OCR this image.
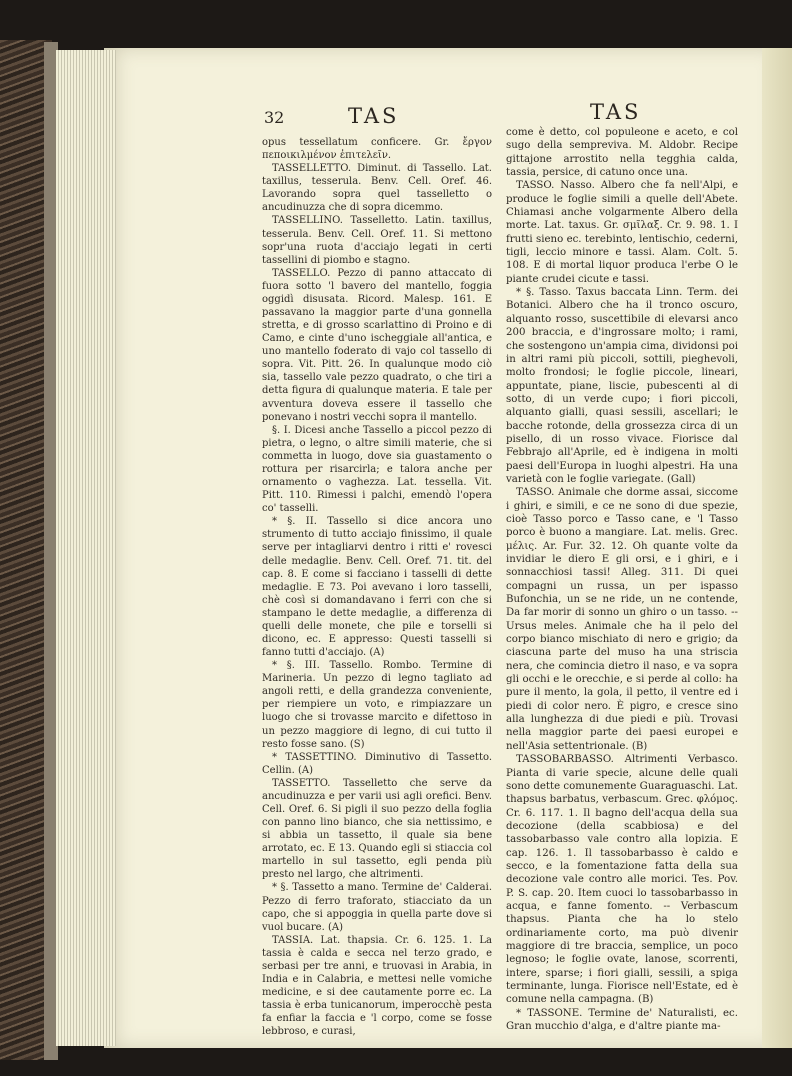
32	TAS	TAS

opus tessellatum conficere. Gr. ἔργον πεποικιλμένον ἐπιτελεῖν.

TASSELLETTO. Diminut. di Tassello. Lat. taxillus, tesserula. Benv. Cell. Oref. 46. Lavorando sopra quel tasselletto o ancudinuzza che di sopra dicemmo.

TASSELLINO. Tasselletto. Latin. taxillus, tesserula. Benv. Cell. Oref. 11. Si mettono sopr'una ruota d'acciajo legati in certi tassellini di piombo e stagno.

TASSELLO. Pezzo di panno attaccato di fuora sotto 'l bavero del mantello, foggia oggidì disusata. Ricord. Malesp. 161. E passavano la maggior parte d'una gonnella stretta, e di grosso scarlattino di Proino e di Camo, e cinte d'uno ischeggiale all'antica, e uno mantello foderato di vajo col tassello di sopra. Vit. Pitt. 26. In qualunque modo ciò sia, tassello vale pezzo quadrato, o che tiri a detta figura di qualunque materia. E tale per avventura doveva essere il tassello che ponevano i nostri vecchi sopra il mantello.

§. I. Dicesi anche Tassello a piccol pezzo di pietra, o legno, o altre simili materie, che si commetta in luogo, dove sia guastamento o rottura per risarcirla; e talora anche per ornamento o vaghezza. Lat. tessella. Vit. Pitt. 110. Rimessi i palchi, emendò l'opera co' tasselli.

* §. II. Tassello si dice ancora uno strumento di tutto acciajo finissimo, il quale serve per intagliarvi dentro i ritti e' rovesci delle medaglie. Benv. Cell. Oref. 71. tit. del cap. 8. E come si facciano i tasselli di dette medaglie. E 73. Poi avevano i loro tasselli, chè così si domandavano i ferri con che si stampano le dette medaglie, a differenza di quelli delle monete, che pile e torselli si dicono, ec. E appresso: Questi tasselli si fanno tutti d'acciajo. (A)

* §. III. Tassello. Rombo. Termine di Marineria. Un pezzo di legno tagliato ad angoli retti, e della grandezza conveniente, per riempiere un voto, e rimpiazzare un luogo che si trovasse marcito e difettoso in un pezzo maggiore di legno, di cui tutto il resto fosse sano. (S)

* TASSETTINO. Diminutivo di Tassetto. Cellin. (A)

TASSETTO. Tasselletto che serve da ancudinuzza e per varii usi agli orefici. Benv. Cell. Oref. 6. Si pigli il suo pezzo della foglia con panno lino bianco, che sia nettissimo, e si abbia un tassetto, il quale sia bene arrotato, ec. E 13. Quando egli si stiaccia col martello in sul tassetto, egli penda più presto nel largo, che altrimenti.

* §. Tassetto a mano. Termine de' Calderai. Pezzo di ferro traforato, stiacciato da un capo, che si appoggia in quella parte dove si vuol bucare. (A)

TASSIA. Lat. thapsia. Cr. 6. 125. 1. La tassia è calda e secca nel terzo grado, e serbasi per tre anni, e truovasi in Arabia, in India e in Calabria, e mettesi nelle vomiche medicine, e si dee cautamente porre ec. La tassia è erba tunicanorum, imperocchè pesta fa enfiar la faccia e 'l corpo, come se fosse lebbroso, e curasi,

come è detto, col populeone e aceto, e col sugo della sempreviva. M. Aldobr. Recipe gittajone arrostito nella tegghia calda, tassia, persice, di catuno once una.

TASSO. Nasso. Albero che fa nell'Alpi, e produce le foglie simili a quelle dell'Abete. Chiamasi anche volgarmente Albero della morte. Lat. taxus. Gr. σμῖλαξ. Cr. 9. 98. 1. I frutti sieno ec. terebinto, lentischio, cederni, tigli, leccio minore e tassi. Alam. Colt. 5. 108. E di mortal liquor produca l'erbe O le piante crudei cicute e tassi.

* §. Tasso. Taxus baccata Linn. Term. dei Botanici. Albero che ha il tronco oscuro, alquanto rosso, suscettibile di elevarsi anco 200 braccia, e d'ingrossare molto; i rami, che sostengono un'ampia cima, dividonsi poi in altri rami più piccoli, sottili, pieghevoli, molto frondosi; le foglie piccole, lineari, appuntate, piane, liscie, pubescenti al di sotto, di un verde cupo; i fiori piccoli, alquanto gialli, quasi sessili, ascellari; le bacche rotonde, della grossezza circa di un pisello, di un rosso vivace. Fiorisce dal Febbrajo all'Aprile, ed è indigena in molti paesi dell'Europa in luoghi alpestri. Ha una varietà con le foglie variegate. (Gall)

TASSO. Animale che dorme assai, siccome i ghiri, e simili, e ce ne sono di due spezie, cioè Tasso porco e Tasso cane, e 'l Tasso porco è buono a mangiare. Lat. melis. Grec. μέλις. Ar. Fur. 32. 12. Oh quante volte da invidiar le diero E gli orsi, e i ghiri, e i sonnacchiosi tassi! Alleg. 311. Di quei compagni un russa, un per ispasso Bufonchia, un se ne ride, un ne contende, Da far morir di sonno un ghiro o un tasso. -- Ursus meles. Animale che ha il pelo del corpo bianco mischiato di nero e grigio; da ciascuna parte del muso ha una striscia nera, che comincia dietro il naso, e va sopra gli occhi e le orecchie, e si perde al collo: ha pure il mento, la gola, il petto, il ventre ed i piedi di color nero. È pigro, e cresce sino alla lunghezza di due piedi e più. Trovasi nella maggior parte dei paesi europei e nell'Asia settentrionale. (B)

TASSOBARBASSO. Altrimenti Verbasco. Pianta di varie specie, alcune delle quali sono dette comunemente Guaraguaschi. Lat. thapsus barbatus, verbascum. Grec. φλόμος. Cr. 6. 117. 1. Il bagno dell'acqua della sua decozione (della scabbiosa) e del tassobarbasso vale contro alla lopizia. E cap. 126. 1. Il tassobarbasso è caldo e secco, e la fomentazione fatta della sua decozione vale contro alle morici. Tes. Pov. P. S. cap. 20. Item cuoci lo tassobarbasso in acqua, e fanne fomento. -- Verbascum thapsus. Pianta che ha lo stelo ordinariamente corto, ma può divenir maggiore di tre braccia, semplice, un poco legnoso; le foglie ovate, lanose, scorrenti, intere, sparse; i fiori gialli, sessili, a spiga terminante, lunga. Fiorisce nell'Estate, ed è comune nella campagna. (B)

* TASSONE. Termine de' Naturalisti, ec. Gran mucchio d'alga, e d'altre piante ma-
